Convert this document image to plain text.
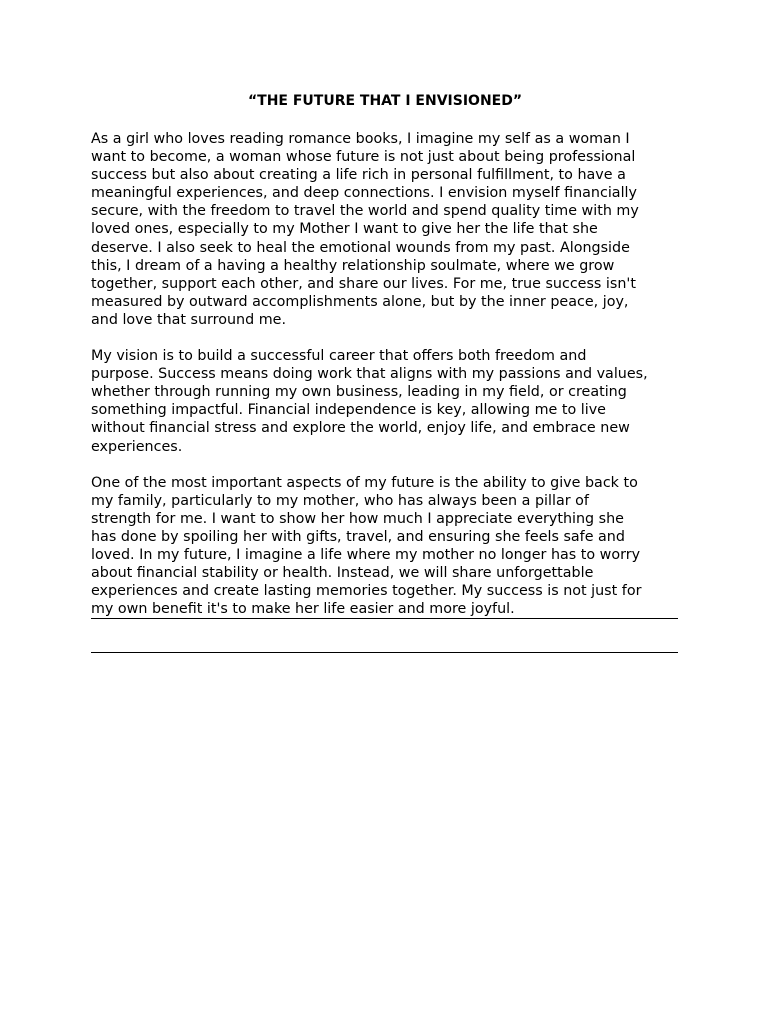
“THE FUTURE THAT I ENVISIONED”
As a girl who loves reading romance books, I imagine my self as a woman I
want to become, a woman whose future is not just about being professional
success but also about creating a life rich in personal fulfillment, to have a
meaningful experiences, and deep connections. I envision myself financially
secure, with the freedom to travel the world and spend quality time with my
loved ones, especially to my Mother I want to give her the life that she
deserve. I also seek to heal the emotional wounds from my past. Alongside
this, I dream of a having a healthy relationship soulmate, where we grow
together, support each other, and share our lives. For me, true success isn't
measured by outward accomplishments alone, but by the inner peace, joy,
and love that surround me.
My vision is to build a successful career that offers both freedom and
purpose. Success means doing work that aligns with my passions and values,
whether through running my own business, leading in my field, or creating
something impactful. Financial independence is key, allowing me to live
without financial stress and explore the world, enjoy life, and embrace new
experiences.
One of the most important aspects of my future is the ability to give back to
my family, particularly to my mother, who has always been a pillar of
strength for me. I want to show her how much I appreciate everything she
has done by spoiling her with gifts, travel, and ensuring she feels safe and
loved. In my future, I imagine a life where my mother no longer has to worry
about financial stability or health. Instead, we will share unforgettable
experiences and create lasting memories together. My success is not just for
my own benefit it's to make her life easier and more joyful.
